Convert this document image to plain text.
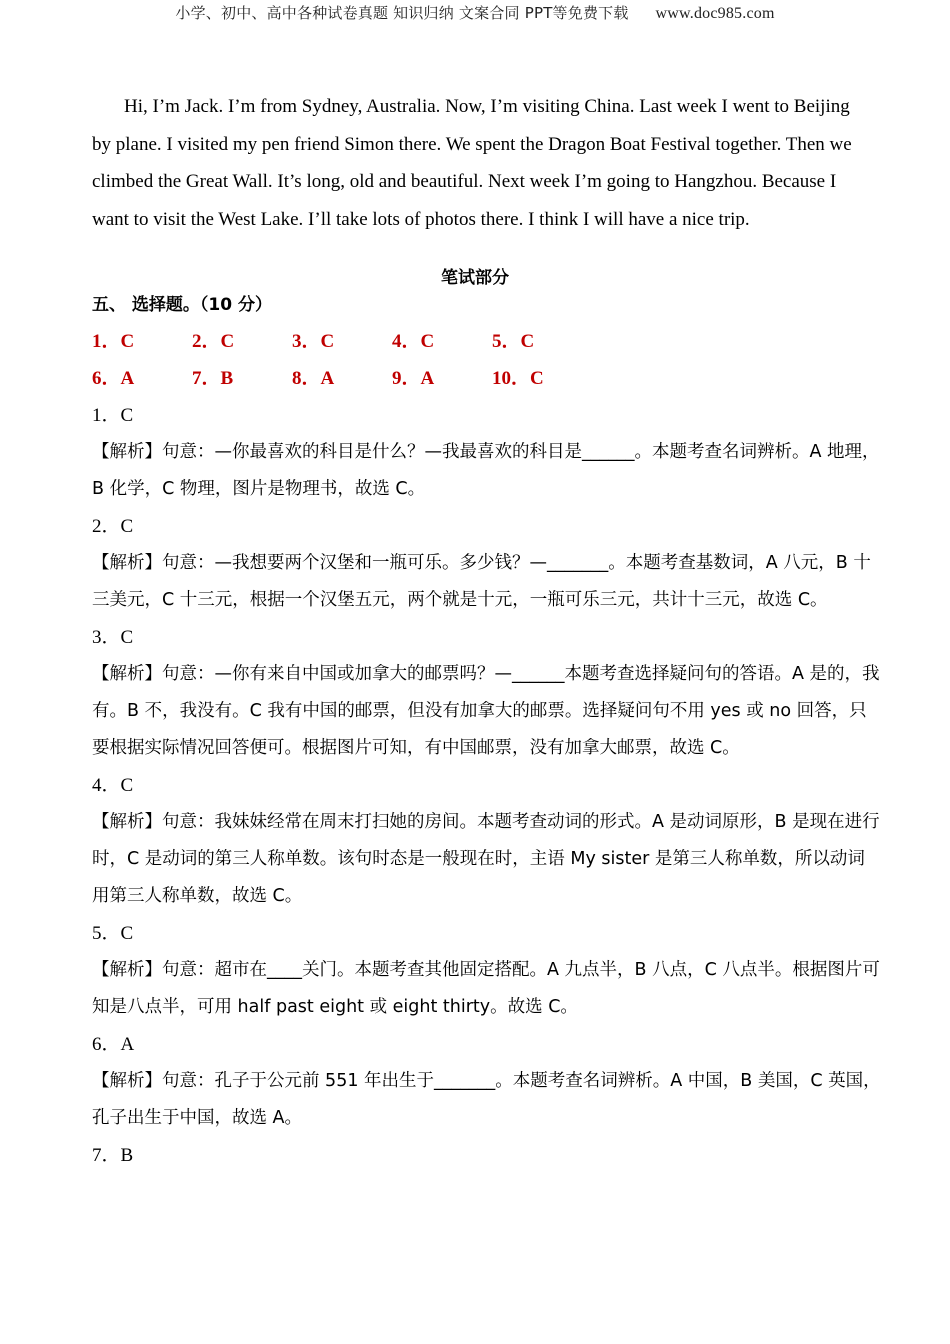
小学、初中、高中各种试卷真题 知识归纳 文案合同 PPT等免费下载 www.doc985.com

Hi, I’m Jack. I’m from Sydney, Australia. Now, I’m visiting China. Last week I went to Beijing by plane. I visited my pen friend Simon there. We spent the Dragon Boat Festival together. Then we climbed the Great Wall. It’s long, old and beautiful. Next week I’m going to Hangzhou. Because I want to visit the West Lake. I’ll take lots of photos there. I think I will have a nice trip.

笔试部分
五、 选择题。（10 分）
1．C	2．C	3．C	4．C	5．C
6．A	7．B	8．A	9．A	10．C
1．C

【解析】句意：—你最喜欢的科目是什么？—我最喜欢的科目是______。本题考查名词辨析。A 地理，B 化学，C 物理，图片是物理书，故选 C。

2．C

【解析】句意：—我想要两个汉堡和一瓶可乐。多少钱？—_______。本题考查基数词，A 八元，B 十三美元，C 十三元，根据一个汉堡五元，两个就是十元，一瓶可乐三元，共计十三元，故选 C。

3．C

【解析】句意：—你有来自中国或加拿大的邮票吗？—______本题考查选择疑问句的答语。A 是的，我有。B 不，我没有。C 我有中国的邮票，但没有加拿大的邮票。选择疑问句不用 yes 或 no 回答，只要根据实际情况回答便可。根据图片可知，有中国邮票，没有加拿大邮票，故选 C。

4．C

【解析】句意：我妹妹经常在周末打扫她的房间。本题考查动词的形式。A 是动词原形，B 是现在进行时，C 是动词的第三人称单数。该句时态是一般现在时，主语 My sister 是第三人称单数，所以动词用第三人称单数，故选 C。

5．C

【解析】句意：超市在____关门。本题考查其他固定搭配。A 九点半，B 八点，C 八点半。根据图片可知是八点半，可用 half past eight 或 eight thirty。故选 C。

6．A

【解析】句意：孔子于公元前 551 年出生于_______。本题考查名词辨析。A 中国，B 美国，C 英国，孔子出生于中国，故选 A。

7．B
